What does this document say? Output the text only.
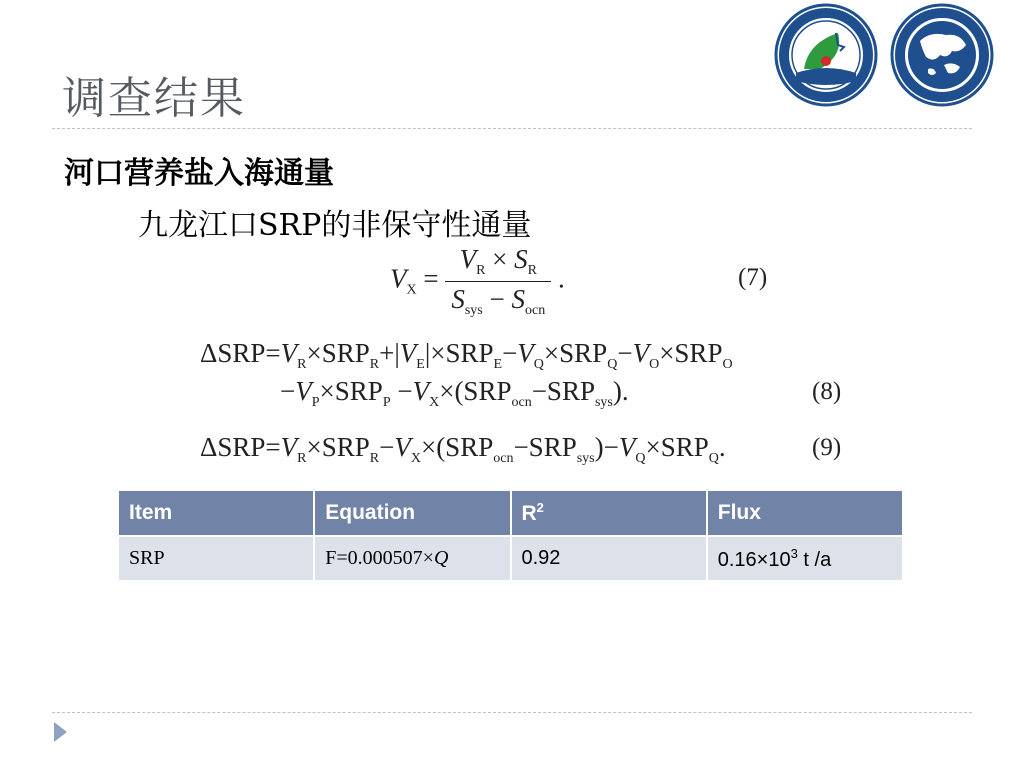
调查结果
河口营养盐入海通量
九龙江口SRP的非保守性通量
$V_X = \frac{V_R \times S_R}{S_{sys} - S_{ocn}}$ .	(7)
$\Delta SRP=V_R\times SRP_R+|V_E|\times SRP_E-V_Q\times SRP_Q-V_O\times SRP_O$
$-V_P\times SRP_P -V_X\times(SRP_{ocn}-SRP_{sys})$.	(8)
$\Delta SRP=V_R\times SRP_R-V_X\times(SRP_{ocn}-SRP_{sys})-V_Q\times SRP_Q$.	(9)
Item	Equation	$R^2$	Flux
SRP	F=0.000507×Q	0.92	$0.16\times 10^3$ t /a
